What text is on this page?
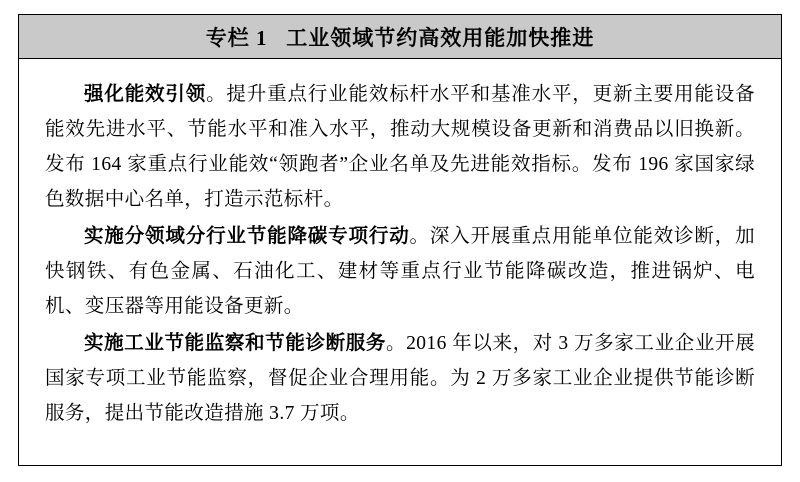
专栏 1   工业领域节约高效用能加快推进

强化能效引领。提升重点行业能效标杆水平和基准水平，更新主要用能设备能效先进水平、节能水平和准入水平，推动大规模设备更新和消费品以旧换新。发布 164 家重点行业能效“领跑者”企业名单及先进能效指标。发布 196 家国家绿色数据中心名单，打造示范标杆。

实施分领域分行业节能降碳专项行动。深入开展重点用能单位能效诊断，加快钢铁、有色金属、石油化工、建材等重点行业节能降碳改造，推进锅炉、电机、变压器等用能设备更新。

实施工业节能监察和节能诊断服务。2016 年以来，对 3 万多家工业企业开展国家专项工业节能监察，督促企业合理用能。为 2 万多家工业企业提供节能诊断服务，提出节能改造措施 3.7 万项。
